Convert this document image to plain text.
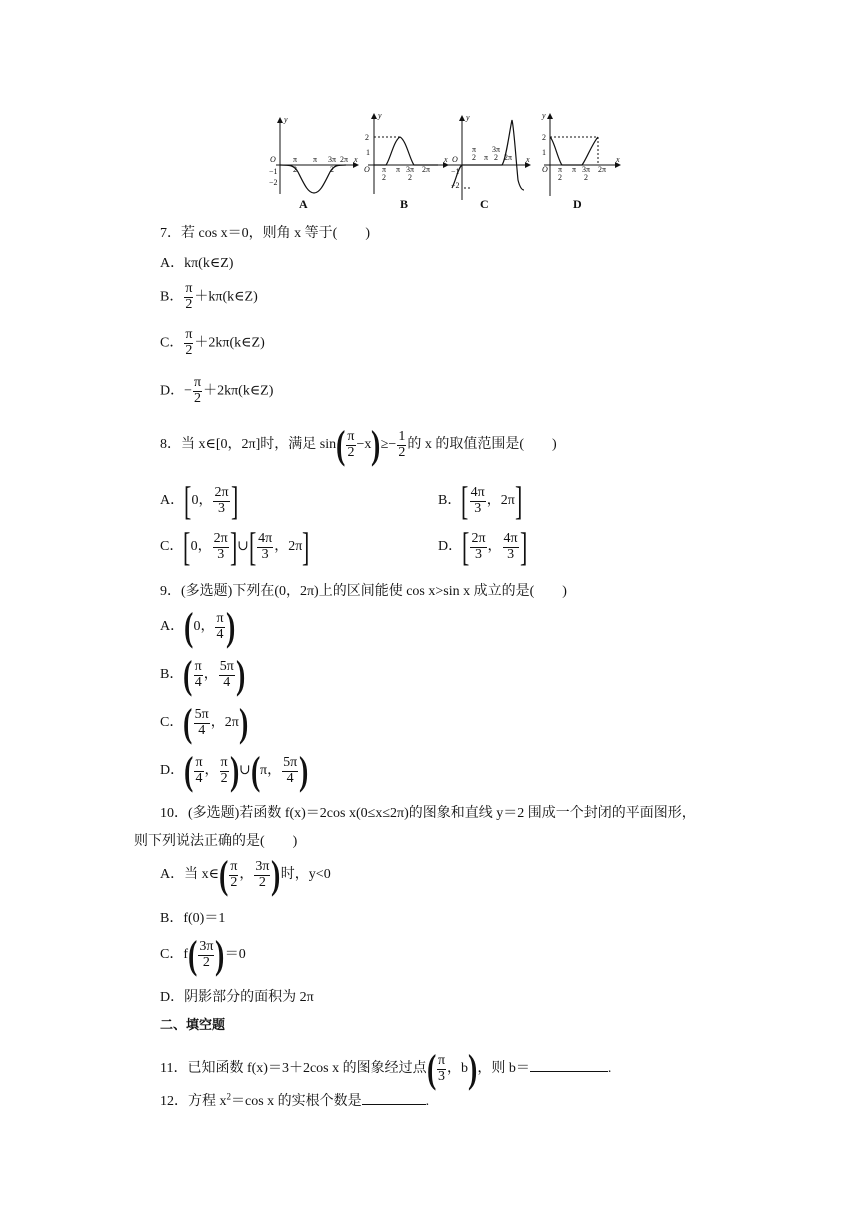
y
x
O
−1
−2
π
2
π 3π
2
2π
y
x
2
1
O π
2
π 3π
2
2π
y
x
O
−1
−2
π
2 π
3π
2 2π
y
x
2
1
O π
2
π 3π
2
2π
A	B	C	D
7．若 cos x＝0，则角 x 等于(　　)
A．kπ(k∈Z)
B． $\frac{\pi}{2}$ ＋kπ(k∈Z)
C． $\frac{\pi}{2}$ ＋2kπ(k∈Z)
D．− $\frac{\pi}{2}$ ＋2kπ(k∈Z)
8．当 x∈[0，2π]时，满足 $\sin( \frac{\pi}{2} -x)\ge- \frac{1}{2}$ 的 x 的取值范围是(　　)
A．[0， $\frac{2\pi}{3}$ ]	B．[ $\frac{4\pi}{3}$ ，2π]
C．[0， $\frac{2\pi}{3}$ ]∪[ $\frac{4\pi}{3}$ ，2π]	D．[ $\frac{2\pi}{3}$ ， $\frac{4\pi}{3}$ ]
9．(多选题)下列在(0，2π)上的区间能使 cos x>sin x 成立的是(　　)
A．(0， $\frac{\pi}{4}$ )
B．( $\frac{\pi}{4}$ ， $\frac{5\pi}{4}$ )
C．( $\frac{5\pi}{4}$ ，2π)
D．( $\frac{\pi}{4}$ ， $\frac{\pi}{2}$ )∪(π， $\frac{5\pi}{4}$ )
10．(多选题)若函数 f(x)＝2cos x(0≤x≤2π)的图象和直线 y＝2 围成一个封闭的平面图形，
则下列说法正确的是(　　)
A．当 x∈( $\frac{\pi}{2}$ ， $\frac{3\pi}{2}$ )时，y<0
B．f(0)＝1
C．$f( \frac{3\pi}{2} )=0$
D．阴影部分的面积为 2π
二、填空题
11．已知函数 f(x)＝3＋2cos x 的图象经过点( $\frac{\pi}{3}$ ，b)，则 b＝	.
12．方程 $x^2=\cos$ x 的实根个数是	.
